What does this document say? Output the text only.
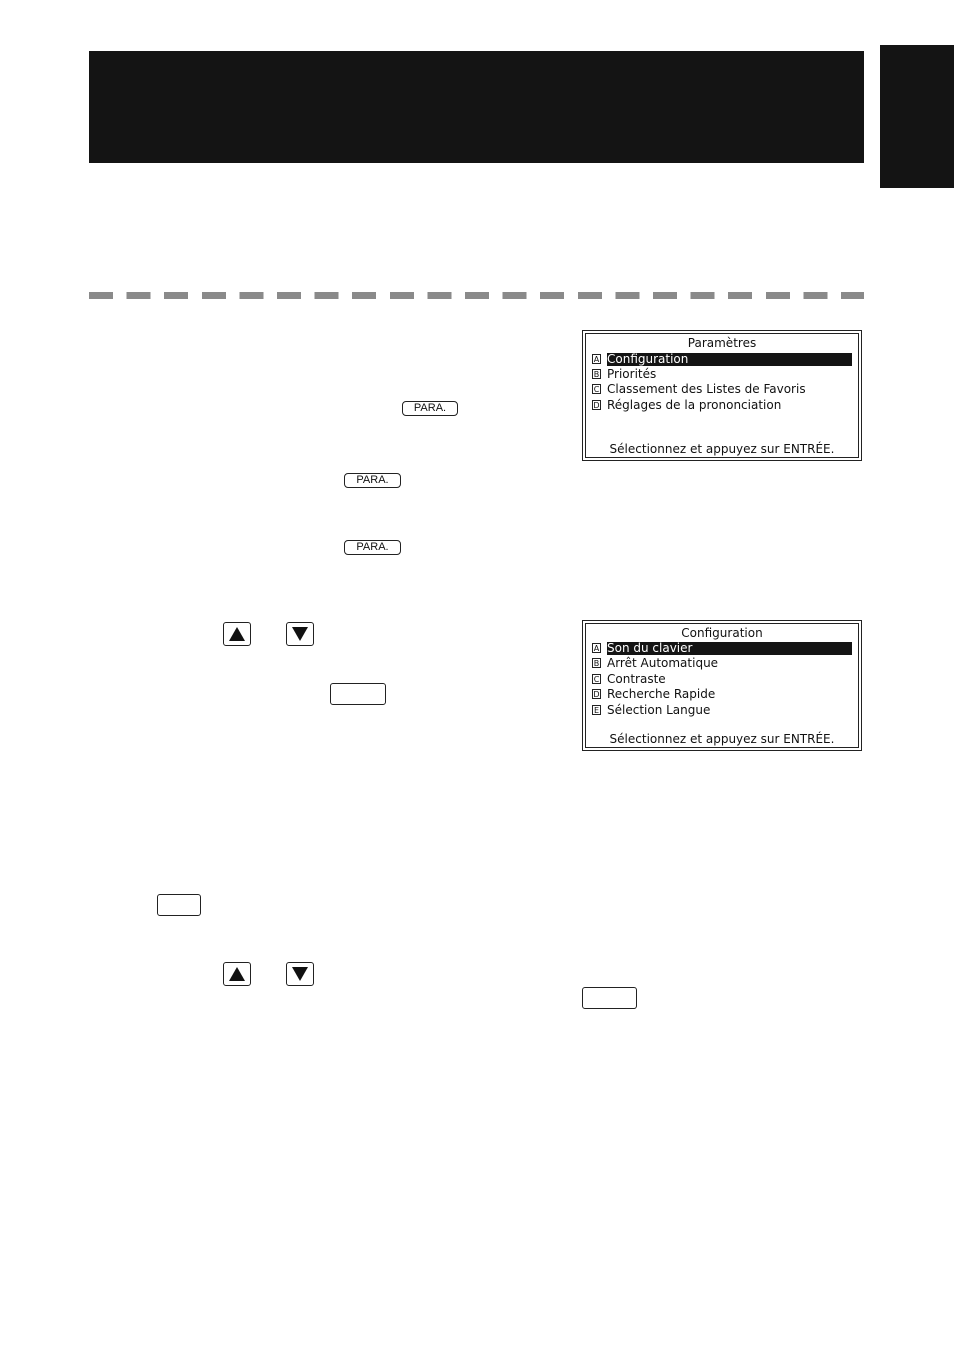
Paramètres
A Configuration
B Priorités
C Classement des Listes de Favoris
D Réglages de la prononciation
Sélectionnez et appuyez sur ENTRÉE.
Configuration
A Son du clavier
B Arrêt Automatique
C Contraste
D Recherche Rapide
E Sélection Langue
Sélectionnez et appuyez sur ENTRÉE.
PARA.
PARA.
PARA.
